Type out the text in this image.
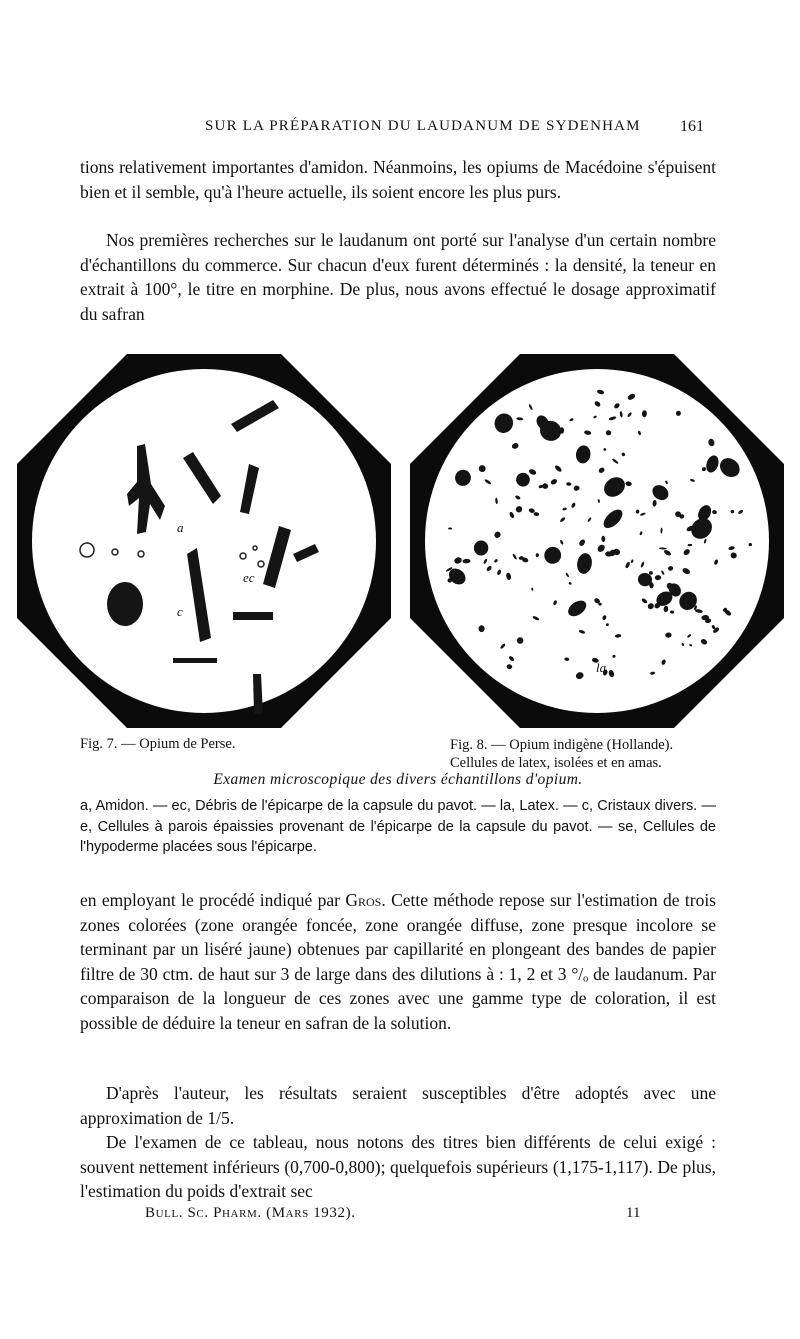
SUR LA PRÉPARATION DU LAUDANUM DE SYDENHAM 161

tions relativement importantes d'amidon. Néanmoins, les opiums de Macédoine s'épuisent bien et il semble, qu'à l'heure actuelle, ils soient encore les plus purs.

Nos premières recherches sur le laudanum ont porté sur l'analyse d'un certain nombre d'échantillons du commerce. Sur chacun d'eux furent déterminés : la densité, la teneur en extrait à 100°, le titre en morphine. De plus, nous avons effectué le dosage approximatif du safran

a
c
ec
la
Fig. 7. — Opium de Perse.	Fig. 8. — Opium indigène (Hollande).
Cellules de latex, isolées et en amas.
Examen microscopique des divers échantillons d'opium.

a, Amidon. — ec, Débris de l'épicarpe de la capsule du pavot. — la, Latex. — c, Cristaux divers. — e, Cellules à parois épaissies provenant de l'épicarpe de la capsule du pavot. — se, Cellules de l'hypoderme placées sous l'épicarpe.

en employant le procédé indiqué par Gros. Cette méthode repose sur l'estimation de trois zones colorées (zone orangée foncée, zone orangée diffuse, zone presque incolore se terminant par un liséré jaune) obtenues par capillarité en plongeant des bandes de papier filtre de 30 ctm. de haut sur 3 de large dans des dilutions à : 1, 2 et 3 °/ₒ de laudanum. Par comparaison de la longueur de ces zones avec une gamme type de coloration, il est possible de déduire la teneur en safran de la solution.

D'après l'auteur, les résultats seraient susceptibles d'être adoptés avec une approximation de 1/5.

De l'examen de ce tableau, nous notons des titres bien différents de celui exigé : souvent nettement inférieurs (0,700-0,800); quelquefois supérieurs (1,175-1,117). De plus, l'estimation du poids d'extrait sec

Bull. Sc. Pharm. (Mars 1932).	11
